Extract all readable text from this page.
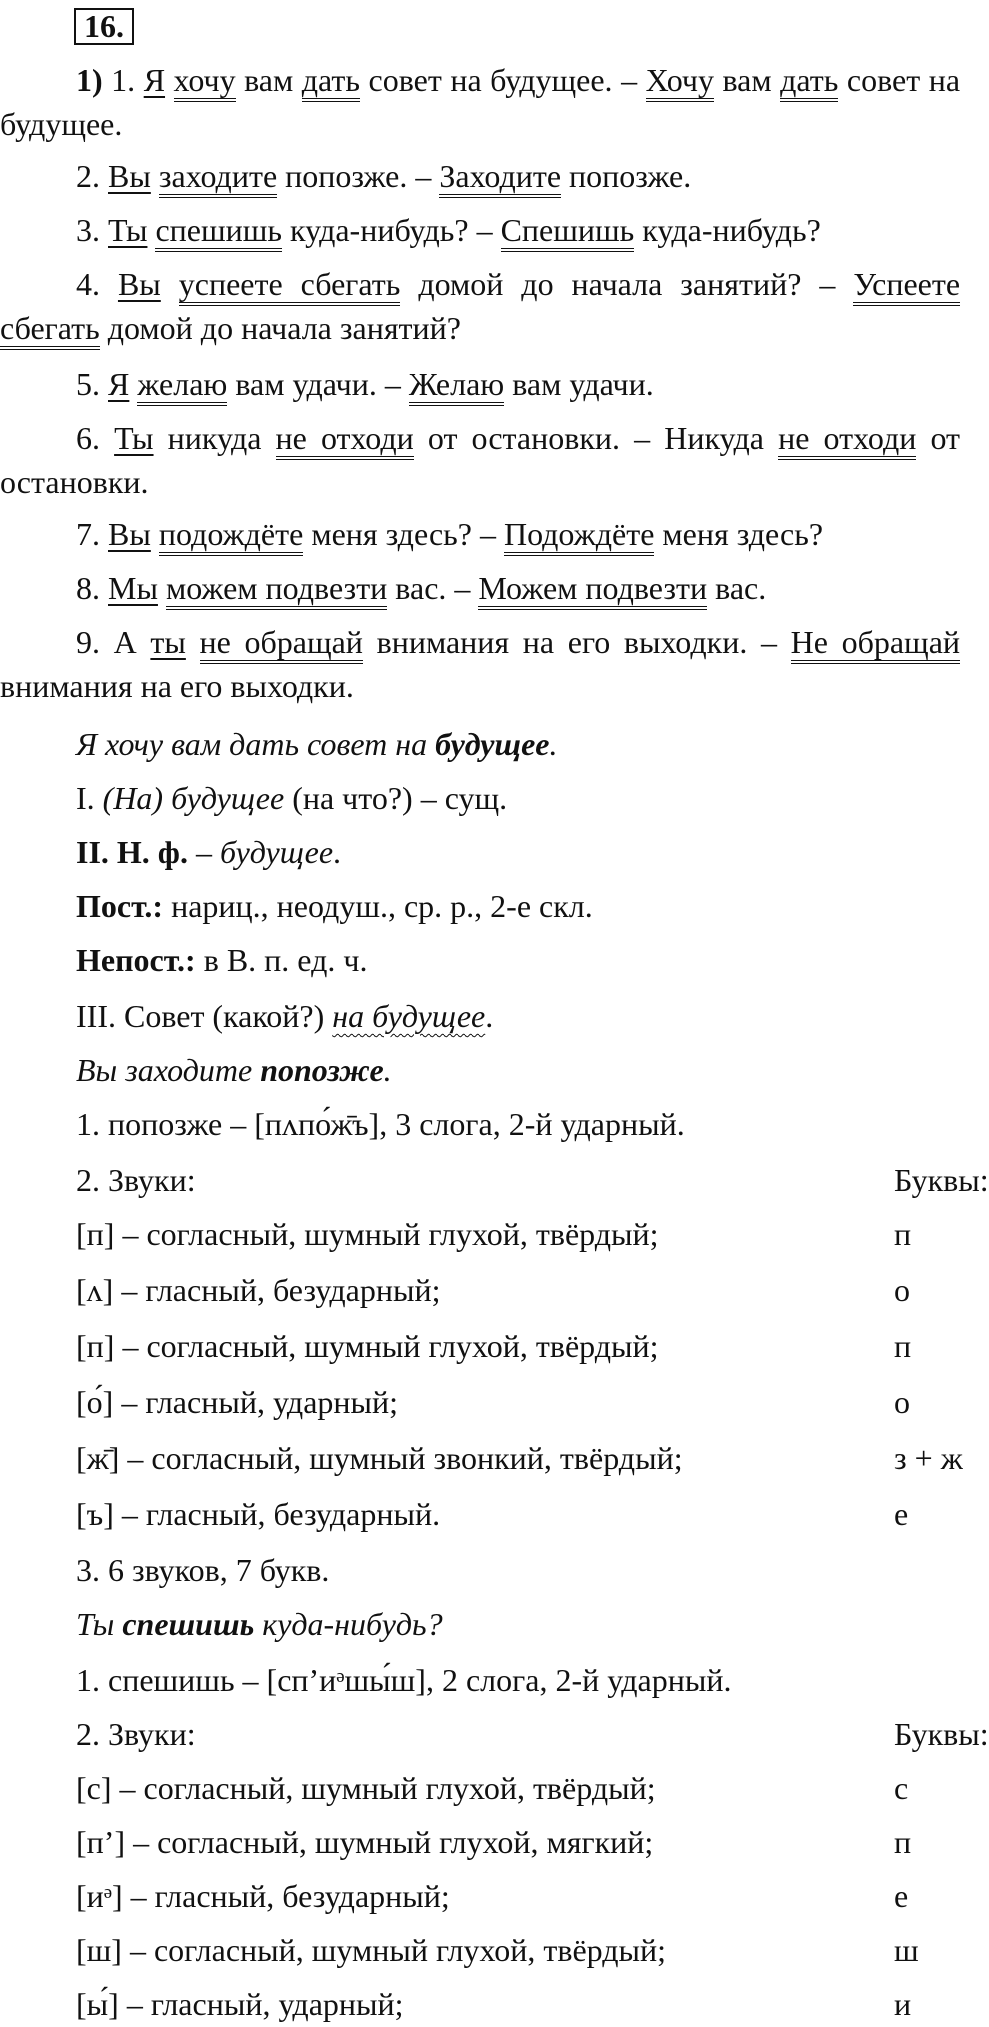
16.

1) 1. Я хочу вам дать совет на будущее. – Хочу вам дать совет на будущее.

2. Вы заходите попозже. – Заходите попозже.

3. Ты спешишь куда-нибудь? – Спешишь куда-нибудь?

4. Вы успеете сбегать домой до начала занятий? – Успеете сбегать домой до начала занятий?

5. Я желаю вам удачи. – Желаю вам удачи.

6. Ты никуда не отходи от остановки. – Никуда не отходи от остановки.

7. Вы подождёте меня здесь? – Подождёте меня здесь?

8. Мы можем подвезти вас. – Можем подвезти вас.

9. А ты не обращай внимания на его выходки. – Не обращай внимания на его выходки.

Я хочу вам дать совет на будущее.

I. (На) будущее (на что?) – сущ.

II. Н. ф. – будущее.

Пост.: нариц., неодуш., ср. р., 2-е скл.

Непост.: в В. п. ед. ч.

III. Совет (какой?) на будущее.

Вы заходите попозже.

1. попозже – [пʌпо́ж̄ъ], 3 слога, 2-й ударный.

2. Звуки:	Буквы:

[п] – согласный, шумный глухой, твёрдый;	п

[ʌ] – гласный, безударный;	о

[п] – согласный, шумный глухой, твёрдый;	п

[о́] – гласный, ударный;	о

[ж̄] – согласный, шумный звонкий, твёрдый;	з + ж

[ъ] – гласный, безударный.	е

3. 6 звуков, 7 букв.

Ты спешишь куда-нибудь?

1. спешишь – [сп’иᵊшы́ш], 2 слога, 2-й ударный.

2. Звуки:	Буквы:

[с] – согласный, шумный глухой, твёрдый;	с

[п’] – согласный, шумный глухой, мягкий;	п

[иᵊ] – гласный, безударный;	е

[ш] – согласный, шумный глухой, твёрдый;	ш

[ы́] – гласный, ударный;	и
